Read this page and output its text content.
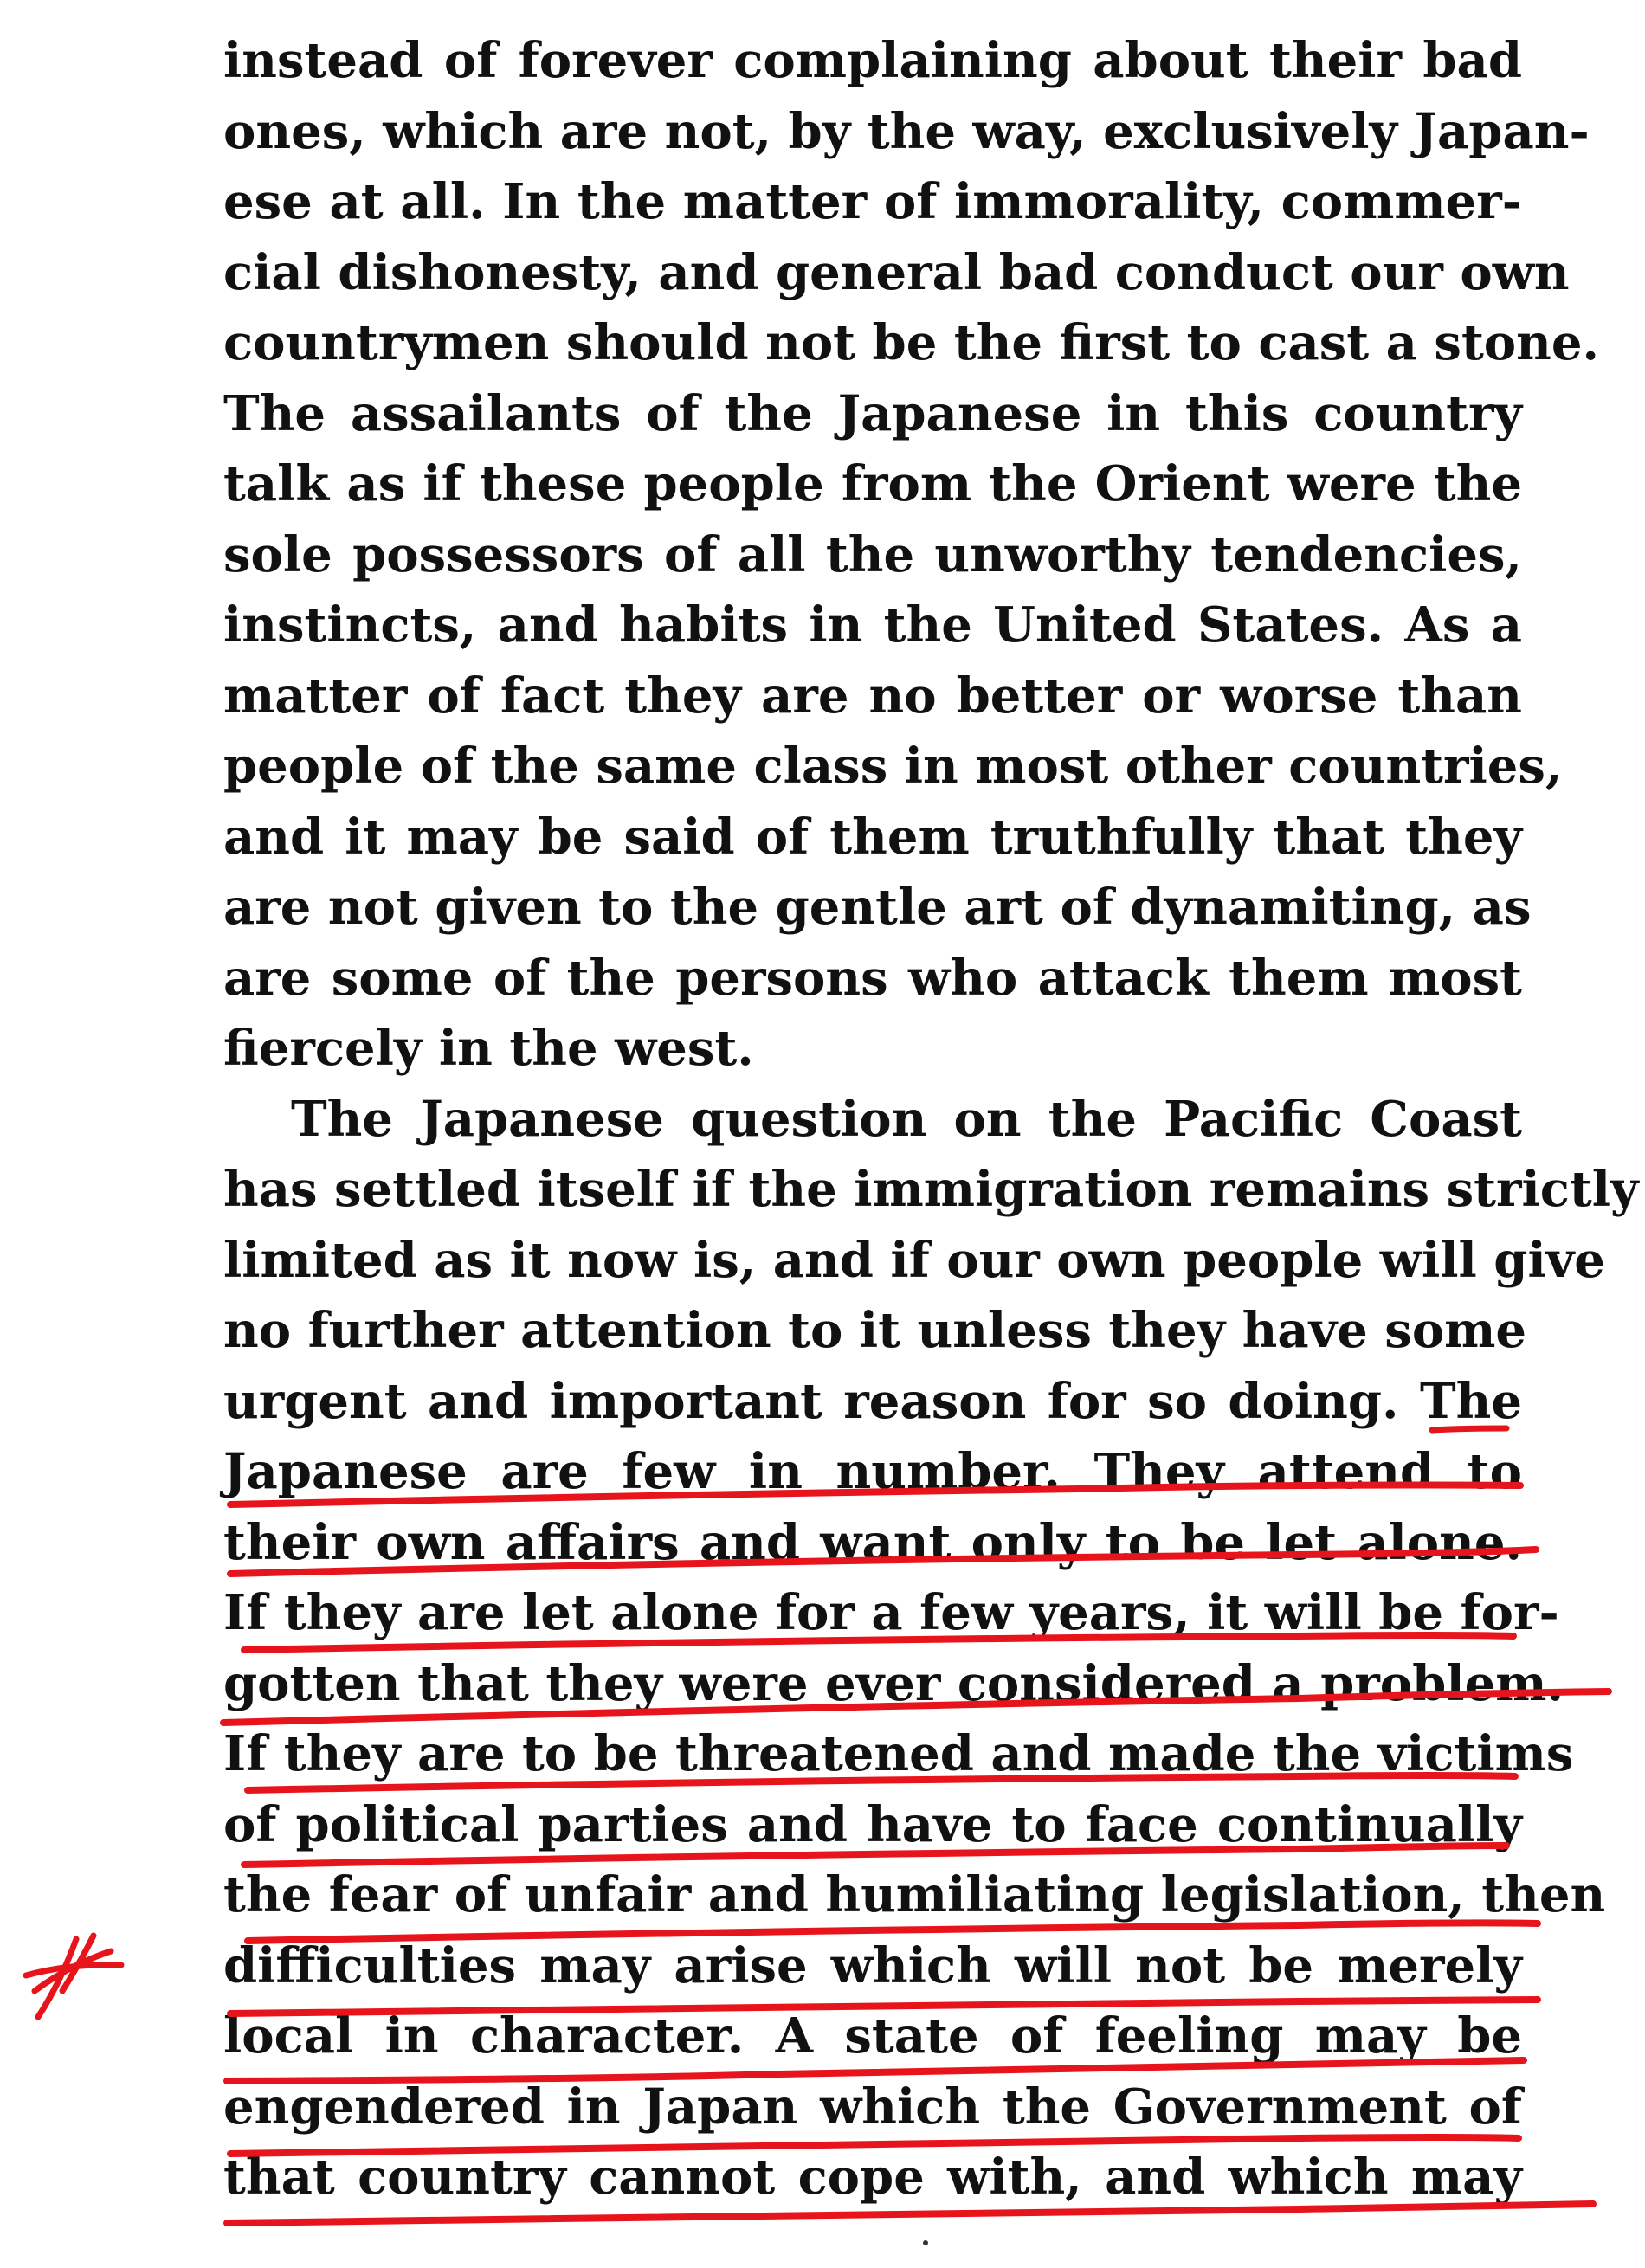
instead of forever complaining about their bad
ones, which are not, by the way, exclusively Japan-
ese at all. In the matter of immorality, commer-
cial dishonesty, and general bad conduct our own
countrymen should not be the first to cast a stone.
The assailants of the Japanese in this country
talk as if these people from the Orient were the
sole possessors of all the unworthy tendencies,
instincts, and habits in the United States. As a
matter of fact they are no better or worse than
people of the same class in most other countries,
and it may be said of them truthfully that they
are not given to the gentle art of dynamiting, as
are some of the persons who attack them most
fiercely in the west.
The Japanese question on the Pacific Coast
has settled itself if the immigration remains strictly
limited as it now is, and if our own people will give
no further attention to it unless they have some
urgent and important reason for so doing. The
Japanese are few in number. They attend to
their own affairs and want only to be let alone.
If they are let alone for a few years, it will be for-
gotten that they were ever considered a problem.
If they are to be threatened and made the victims
of political parties and have to face continually
the fear of unfair and humiliating legislation, then
difficulties may arise which will not be merely
local in character. A state of feeling may be
engendered in Japan which the Government of
that country cannot cope with, and which may
